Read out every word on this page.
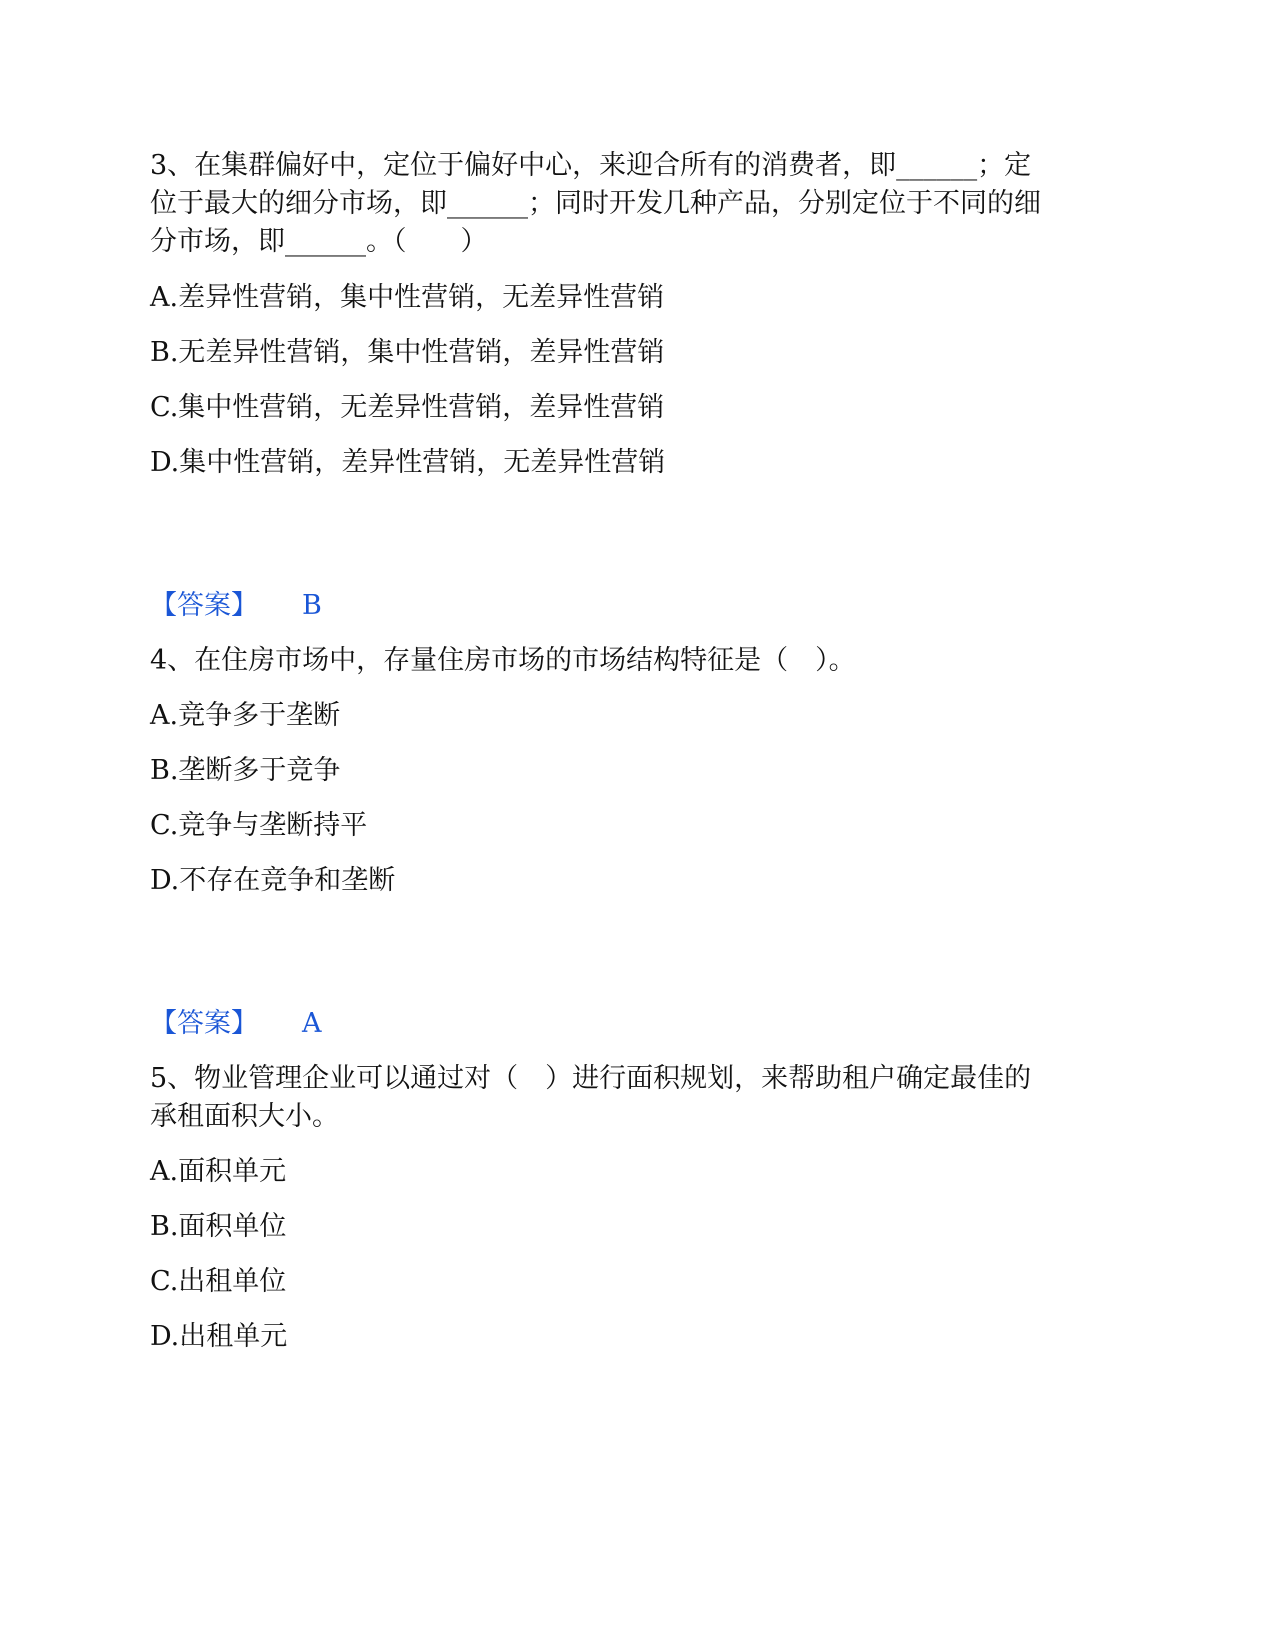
3、在集群偏好中，定位于偏好中心，来迎合所有的消费者，即______；定
位于最大的细分市场，即______；同时开发几种产品，分别定位于不同的细
分市场，即______。（　　）
A.差异性营销，集中性营销，无差异性营销
B.无差异性营销，集中性营销，差异性营销
C.集中性营销，无差异性营销，差异性营销
D.集中性营销，差异性营销，无差异性营销
【答案】 B
4、在住房市场中，存量住房市场的市场结构特征是（　）。
A.竞争多于垄断
B.垄断多于竞争
C.竞争与垄断持平
D.不存在竞争和垄断
【答案】 A
5、物业管理企业可以通过对（　）进行面积规划，来帮助租户确定最佳的
承租面积大小。
A.面积单元
B.面积单位
C.出租单位
D.出租单元
